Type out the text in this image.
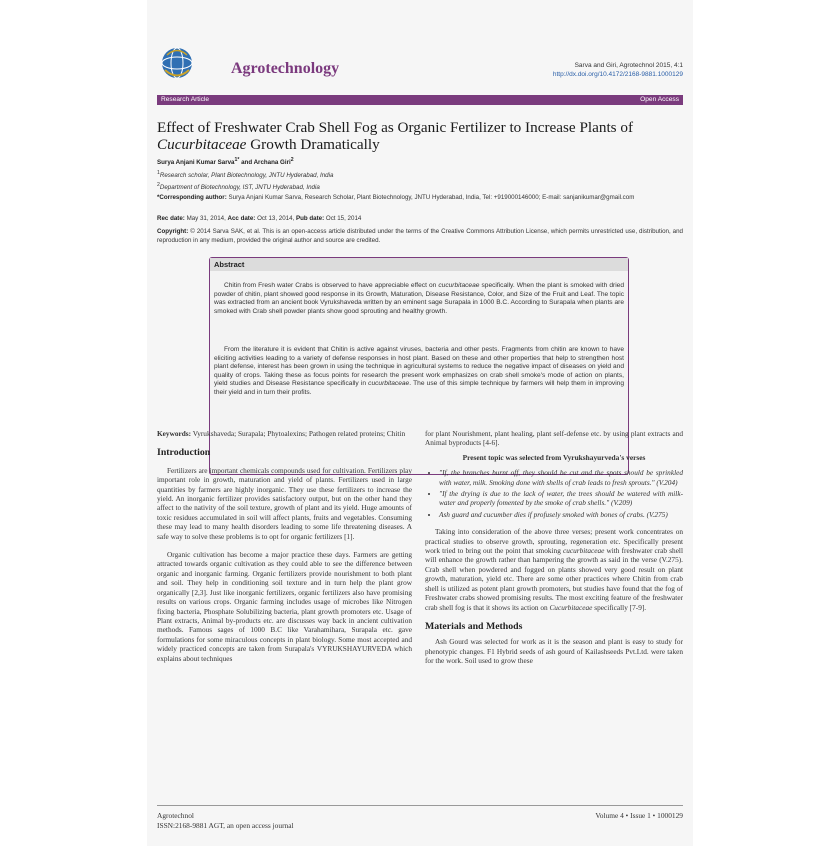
Agrotechnology	Sarva and Giri, Agrotechnol 2015, 4:1
http://dx.doi.org/10.4172/2168-9881.1000129
Research Article	Open Access
Effect of Freshwater Crab Shell Fog as Organic Fertilizer to Increase Plants of Cucurbitaceae Growth Dramatically
Surya Anjani Kumar Sarva$^{1*}$ and Archana Giri$^2$
$^1$Research scholar, Plant Biotechnology, JNTU Hyderabad, India
$^2$Department of Biotechnology, IST, JNTU Hyderabad, India
*Corresponding author: Surya Anjani Kumar Sarva, Research Scholar, Plant Biotechnology, JNTU Hyderabad, India, Tel: +919000146000; E-mail: sanjanikumar@gmail.com
Rec date: May 31, 2014, Acc date: Oct 13, 2014, Pub date: Oct 15, 2014
Copyright: © 2014 Sarva SAK, et al. This is an open-access article distributed under the terms of the Creative Commons Attribution License, which permits unrestricted use, distribution, and reproduction in any medium, provided the original author and source are credited.
Abstract
Chitin from Fresh water Crabs is observed to have appreciable effect on cucurbitaceae specifically. When the plant is smoked with dried powder of chitin, plant showed good response in its Growth, Maturation, Disease Resistance, Color, and Size of the Fruit and Leaf. The topic was extracted from an ancient book Vyrukshaveda written by an eminent sage Surapala in 1000 B.C. According to Surapala when plants are smoked with Crab shell powder plants show good sprouting and healthy growth.
From the literature it is evident that Chitin is active against viruses, bacteria and other pests. Fragments from chitin are known to have eliciting activities leading to a variety of defense responses in host plant. Based on these and other properties that help to strengthen host plant defense, interest has been grown in using the technique in agricultural systems to reduce the negative impact of diseases on yield and quality of crops. Taking these as focus points for research the present work emphasizes on crab shell smoke's mode of action on plants, yield studies and Disease Resistance specifically in cucurbitaceae. The use of this simple technique by farmers will help them in improving their yield and in turn their profits.
Keywords: Vyrukshaveda; Surapala; Phytoalexins; Pathogen related proteins; Chitin
Introduction
Fertilizers are important chemicals compounds used for cultivation. Fertilizers play important role in growth, maturation and yield of plants. Fertilizers used in large quantities by farmers are highly inorganic. They use these fertilizers to increase the yield. An inorganic fertilizer provides satisfactory output, but on the other hand they affect to the nativity of the soil texture, growth of plant and its yield. Huge amounts of toxic residues accumulated in soil will affect plants, fruits and vegetables. Consuming these may lead to many health disorders leading to some life threatening diseases. A safe way to solve these problems is to opt for organic fertilizers [1].
Organic cultivation has become a major practice these days. Farmers are getting attracted towards organic cultivation as they could able to see the difference between organic and inorganic farming. Organic fertilizers provide nourishment to both plant and soil. They help in conditioning soil texture and in turn help the plant grow organically [2,3]. Just like inorganic fertilizers, organic fertilizers also have promising results on various crops. Organic farming includes usage of microbes like Nitrogen fixing bacteria, Phosphate Solubilizing bacteria, plant growth promoters etc. Usage of Plant extracts, Animal by-products etc. are discusses way back in ancient cultivation methods. Famous sages of 1000 B.C like Varahamihara, Surapala etc. gave formulations for some miraculous concepts in plant biology. Some most accepted and widely practiced concepts are taken from Surapala's VYRUKSHAYURVEDA which explains about techniques
for plant Nourishment, plant healing, plant self-defense etc. by using plant extracts and Animal byproducts [4-6].
Present topic was selected from Vyrukshayurveda's verses
• "If, the branches burnt off, they should be cut and the spots should be sprinkled with water, milk. Smoking done with shells of crab leads to fresh sprouts." (V.204)
• "If the drying is due to the lack of water, the trees should be watered with milk-water and properly fomented by the smoke of crab shells." (V.209)
• Ash guard and cucumber dies if profusely smoked with bones of crabs. (V.275)
Taking into consideration of the above three verses; present work concentrates on practical studies to observe growth, sprouting, regeneration etc. Specifically present work tried to bring out the point that smoking cucurbitaceae with freshwater crab shell will enhance the growth rather than hampering the growth as said in the verse (V.275). Crab shell when powdered and fogged on plants showed very good result on plant growth, maturation, yield etc. There are some other practices where Chitin from crab shell is utilized as potent plant growth promoters, but studies have found that the fog of Freshwater crabs showed promising results. The most exciting feature of the freshwater crab shell fog is that it shows its action on Cucurbitaceae specifically [7-9].
Materials and Methods
Ash Gourd was selected for work as it is the season and plant is easy to study for phenotypic changes. F1 Hybrid seeds of ash gourd of Kailashseeds Pvt.Ltd. were taken for the work. Soil used to grow these
Agrotechnol
ISSN:2168-9881 AGT, an open access journal
Volume 4 • Issue 1 • 1000129
